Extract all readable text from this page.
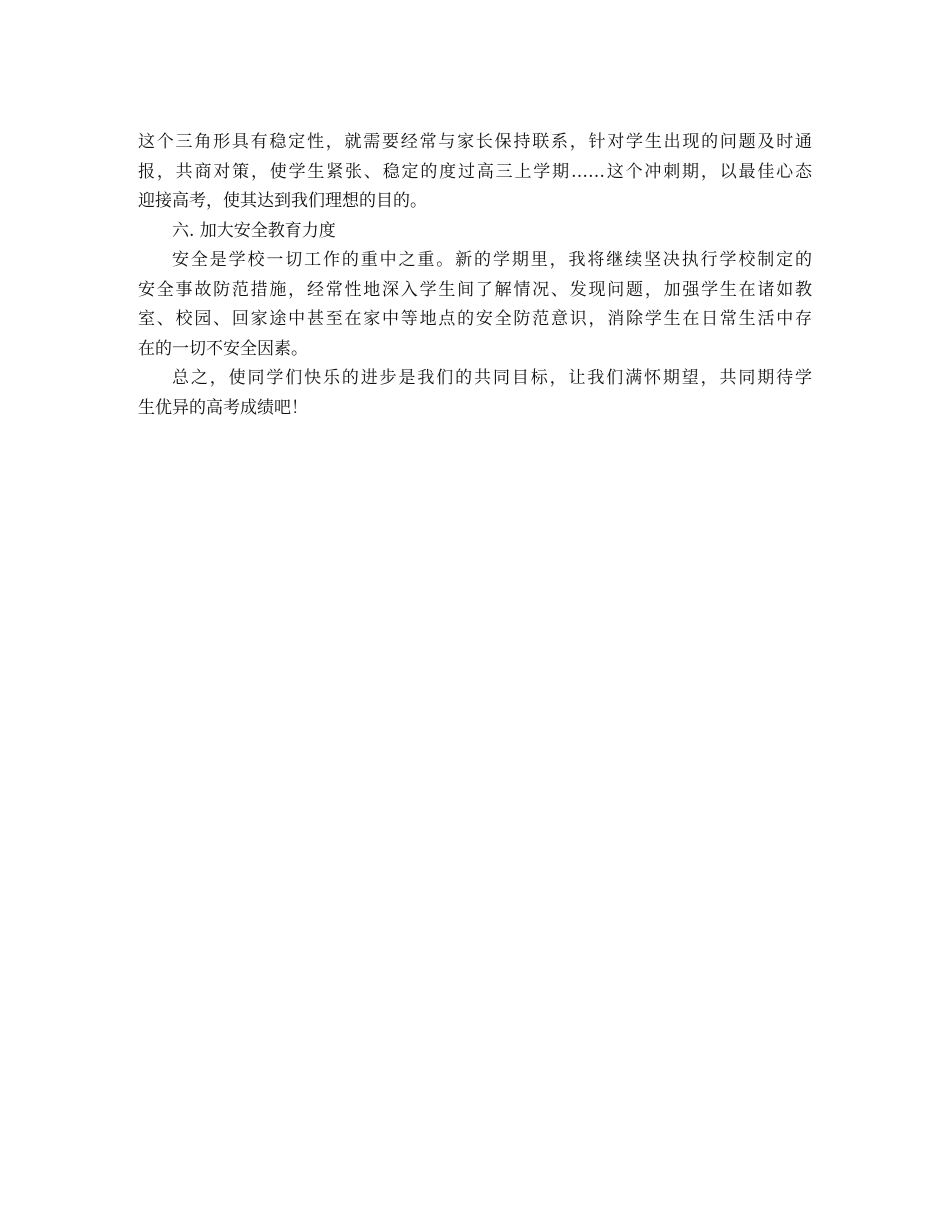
这个三角形具有稳定性，就需要经常与家长保持联系，针对学生出现的问题及时通
报，共商对策，使学生紧张、稳定的度过高三上学期……这个冲刺期，以最佳心态
迎接高考，使其达到我们理想的目的。
六. 加大安全教育力度
安全是学校一切工作的重中之重。新的学期里，我将继续坚决执行学校制定的
安全事故防范措施，经常性地深入学生间了解情况、发现问题，加强学生在诸如教
室、校园、回家途中甚至在家中等地点的安全防范意识，消除学生在日常生活中存
在的一切不安全因素。
总之，使同学们快乐的进步是我们的共同目标，让我们满怀期望，共同期待学
生优异的高考成绩吧！
